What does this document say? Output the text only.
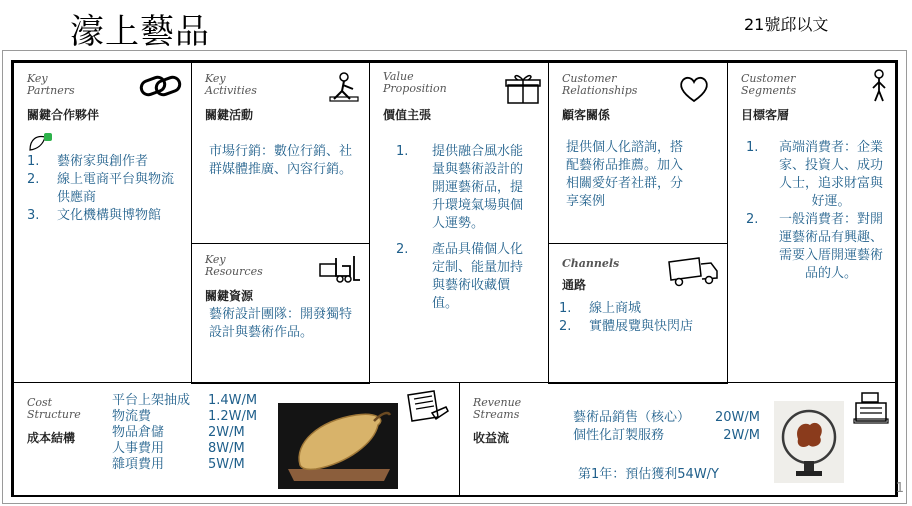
濠上藝品	21號邱以文
Key
Partners
關鍵合作夥伴
1. 藝術家與創作者
2. 線上電商平台與物流供應商
3. 文化機構與博物館
Key
Activities
關鍵活動
市場行銷：數位行銷、社群媒體推廣、內容行銷。
Key
Resources
關鍵資源
藝術設計團隊：開發獨特設計與藝術作品。
Value
Proposition
價值主張
1. 提供融合風水能量與藝術設計的開運藝術品，提升環境氣場與個人運勢。
2. 產品具備個人化定制、能量加持與藝術收藏價值。
Customer
Relationships
顧客關係
提供個人化諮詢，搭配藝術品推薦。加入相關愛好者社群，分享案例
Channels
通路
1. 線上商城
2. 實體展覽與快閃店
Customer
Segments
目標客層
1. 高端消費者：企業家、投資人、成功人士，追求財富與好運。
2. 一般消費者：對開運藝術品有興趣、需要入厝開運藝術品的人。
Cost
Structure
成本結構
平台上架抽成	1.4W/M
物流費	1.2W/M
物品倉儲	2W/M
人事費用	8W/M
雜項費用	5W/M
Revenue
Streams
收益流
藝術品銷售（核心）	20W/M
個性化訂製服務	2W/M
第1年：預估獲利54W/Y
1
